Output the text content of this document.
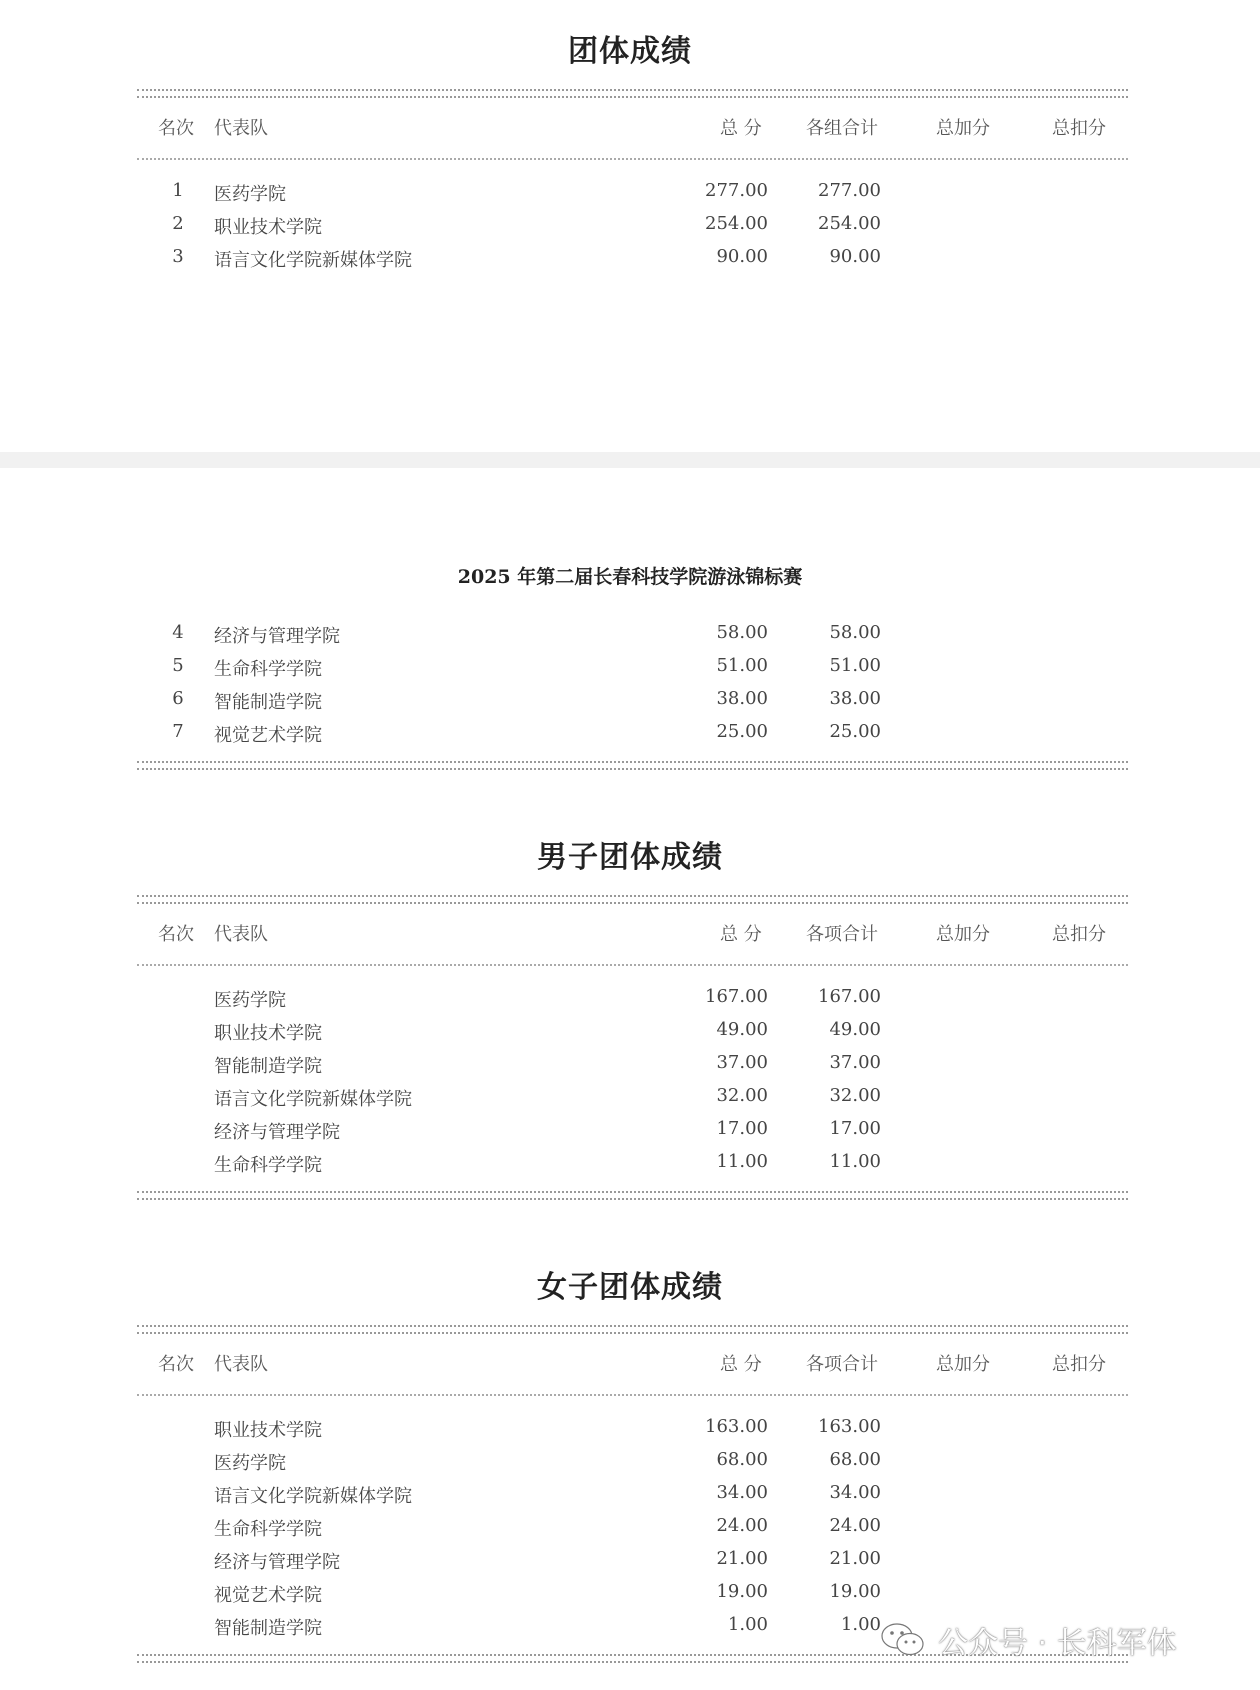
团体成绩
名次 代表队	总 分 各组合计	总加分	总扣分
1	医药学院	277.00	277.00
2	职业技术学院	254.00	254.00
3	语言文化学院新媒体学院	90.00	90.00
2025 年第二届长春科技学院游泳锦标赛
4	经济与管理学院	58.00	58.00
5	生命科学学院	51.00	51.00
6	智能制造学院	38.00	38.00
7	视觉艺术学院	25.00	25.00
男子团体成绩
名次 代表队	总 分 各项合计	总加分	总扣分
医药学院	167.00	167.00
职业技术学院	49.00	49.00
智能制造学院	37.00	37.00
语言文化学院新媒体学院	32.00	32.00
经济与管理学院	17.00	17.00
生命科学学院	11.00	11.00
女子团体成绩
名次 代表队	总 分 各项合计	总加分	总扣分
职业技术学院	163.00	163.00
医药学院	68.00	68.00
语言文化学院新媒体学院	34.00	34.00
生命科学学院	24.00	24.00
经济与管理学院	21.00	21.00
视觉艺术学院	19.00	19.00
智能制造学院	1.00	1.00
公众号 · 长科军体
